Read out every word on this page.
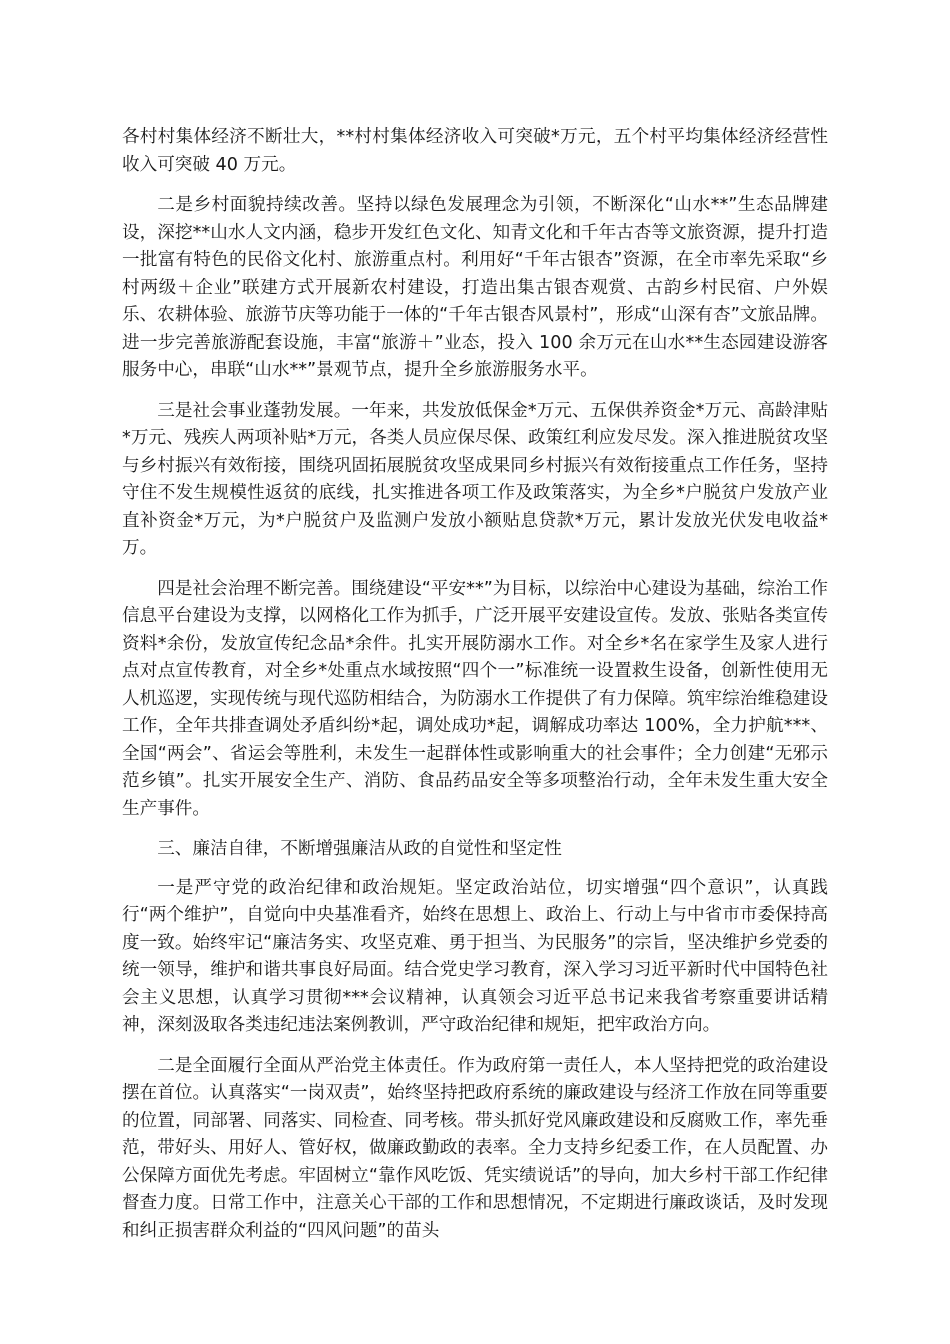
各村村集体经济不断壮大，**村村集体经济收入可突破*万元，五个村平均集体经济经营性收入可突破 40 万元。

二是乡村面貌持续改善。坚持以绿色发展理念为引领，不断深化“山水**”生态品牌建设，深挖**山水人文内涵，稳步开发红色文化、知青文化和千年古杏等文旅资源，提升打造一批富有特色的民俗文化村、旅游重点村。利用好“千年古银杏”资源，在全市率先采取“乡村两级＋企业”联建方式开展新农村建设，打造出集古银杏观赏、古韵乡村民宿、户外娱乐、农耕体验、旅游节庆等功能于一体的“千年古银杏风景村”，形成“山深有杏”文旅品牌。进一步完善旅游配套设施，丰富“旅游＋”业态，投入 100 余万元在山水**生态园建设游客服务中心，串联“山水**”景观节点，提升全乡旅游服务水平。

三是社会事业蓬勃发展。一年来，共发放低保金*万元、五保供养资金*万元、高龄津贴*万元、残疾人两项补贴*万元，各类人员应保尽保、政策红利应发尽发。深入推进脱贫攻坚与乡村振兴有效衔接，围绕巩固拓展脱贫攻坚成果同乡村振兴有效衔接重点工作任务，坚持守住不发生规模性返贫的底线，扎实推进各项工作及政策落实，为全乡*户脱贫户发放产业直补资金*万元，为*户脱贫户及监测户发放小额贴息贷款*万元，累计发放光伏发电收益*万。

四是社会治理不断完善。围绕建设“平安**”为目标，以综治中心建设为基础，综治工作信息平台建设为支撑，以网格化工作为抓手，广泛开展平安建设宣传。发放、张贴各类宣传资料*余份，发放宣传纪念品*余件。扎实开展防溺水工作。对全乡*名在家学生及家人进行点对点宣传教育，对全乡*处重点水域按照“四个一”标准统一设置救生设备，创新性使用无人机巡逻，实现传统与现代巡防相结合，为防溺水工作提供了有力保障。筑牢综治维稳建设工作，全年共排查调处矛盾纠纷*起，调处成功*起，调解成功率达 100%，全力护航***、全国“两会”、省运会等胜利，未发生一起群体性或影响重大的社会事件；全力创建“无邪示范乡镇”。扎实开展安全生产、消防、食品药品安全等多项整治行动，全年未发生重大安全生产事件。

三、廉洁自律，不断增强廉洁从政的自觉性和坚定性

一是严守党的政治纪律和政治规矩。坚定政治站位，切实增强“四个意识”，认真践行“两个维护”，自觉向中央基准看齐，始终在思想上、政治上、行动上与中省市市委保持高度一致。始终牢记“廉洁务实、攻坚克难、勇于担当、为民服务”的宗旨，坚决维护乡党委的统一领导，维护和谐共事良好局面。结合党史学习教育，深入学习习近平新时代中国特色社会主义思想，认真学习贯彻***会议精神，认真领会习近平总书记来我省考察重要讲话精神，深刻汲取各类违纪违法案例教训，严守政治纪律和规矩，把牢政治方向。

二是全面履行全面从严治党主体责任。作为政府第一责任人，本人坚持把党的政治建设摆在首位。认真落实“一岗双责”，始终坚持把政府系统的廉政建设与经济工作放在同等重要的位置，同部署、同落实、同检查、同考核。带头抓好党风廉政建设和反腐败工作，率先垂范，带好头、用好人、管好权，做廉政勤政的表率。全力支持乡纪委工作，在人员配置、办公保障方面优先考虑。牢固树立“靠作风吃饭、凭实绩说话”的导向，加大乡村干部工作纪律督查力度。日常工作中，注意关心干部的工作和思想情况，不定期进行廉政谈话，及时发现和纠正损害群众利益的“四风问题”的苗头
